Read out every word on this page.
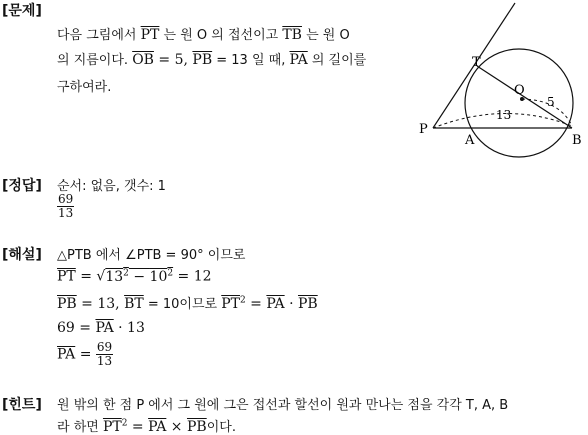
[문제]
다음 그림에서 $\overline{PT}$ 는 원 O 의 접선이고 $\overline{TB}$ 는 원 O
의 지름이다. $\overline{OB} = 5$, $\overline{PB} = 13$ 일 때, $\overline{PA}$ 의 길이를
구하여라.
T
O
P
A	B
5
13
[정답] 순서: 없음, 갯수: 1
$\frac{69}{13}$
[해설] △PTB 에서 ∠PTB = 90° 이므로
$\overline{PT} = √13^2 - 10^2 = 12$
$\overline{PB} = 13$, $\overline{BT} = 10$이므로 $\overline{PT}^2 = \overline{PA} \cdot \overline{PB}$
$69 = \overline{PA} \cdot 13$
$\overline{PA} = \frac{69}{13}$
[힌트] 원 밖의 한 점 P 에서 그 원에 그은 접선과 할선이 원과 만나는 점을 각각 T, A, B
라 하면 $\overline{PT}^2 = \overline{PA} \times \overline{PB}$이다.
